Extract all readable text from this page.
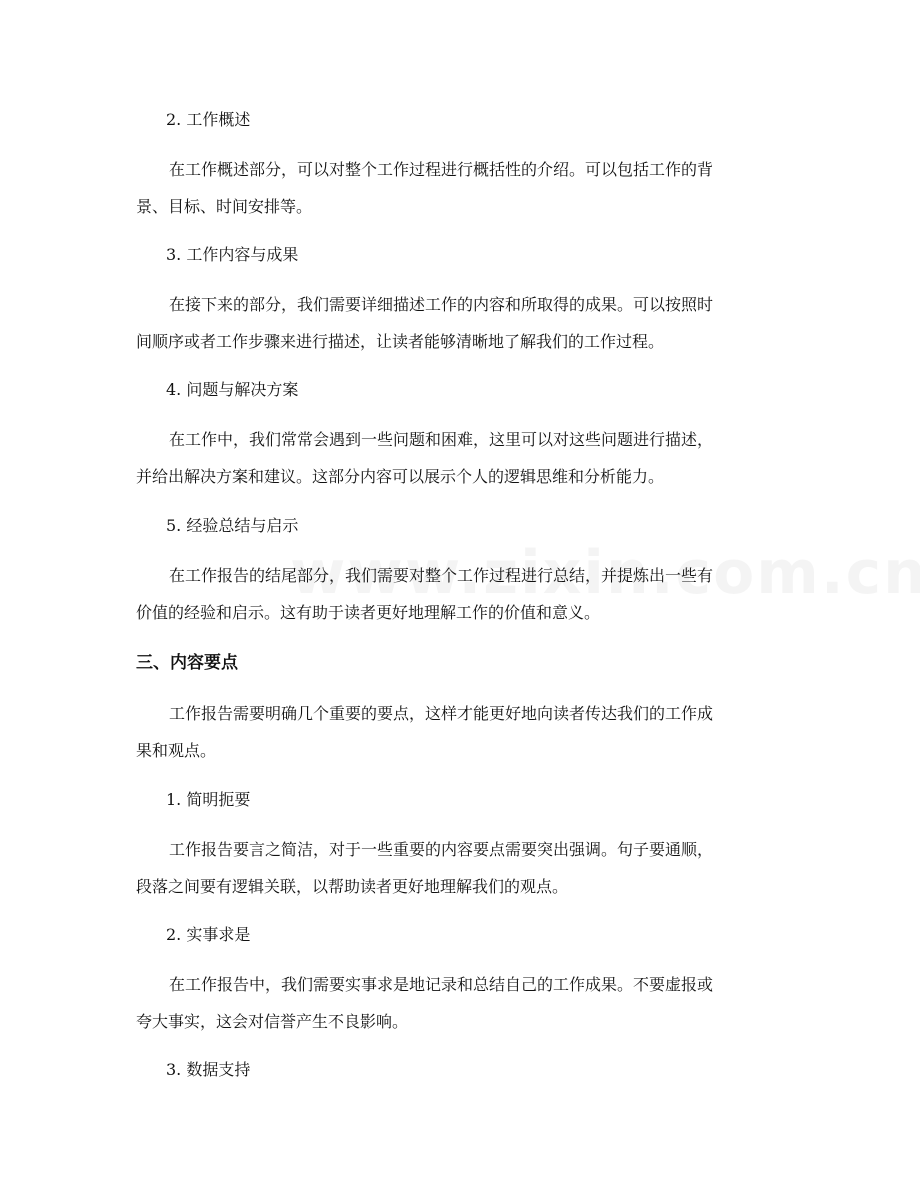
2. 工作概述
在工作概述部分，可以对整个工作过程进行概括性的介绍。可以包括工作的背
景、目标、时间安排等。
3. 工作内容与成果
在接下来的部分，我们需要详细描述工作的内容和所取得的成果。可以按照时
间顺序或者工作步骤来进行描述，让读者能够清晰地了解我们的工作过程。
4. 问题与解决方案
在工作中，我们常常会遇到一些问题和困难，这里可以对这些问题进行描述，
并给出解决方案和建议。这部分内容可以展示个人的逻辑思维和分析能力。
5. 经验总结与启示
在工作报告的结尾部分，我们需要对整个工作过程进行总结，并提炼出一些有
价值的经验和启示。这有助于读者更好地理解工作的价值和意义。
三、内容要点
工作报告需要明确几个重要的要点，这样才能更好地向读者传达我们的工作成
果和观点。
1. 简明扼要
工作报告要言之简洁，对于一些重要的内容要点需要突出强调。句子要通顺，
段落之间要有逻辑关联，以帮助读者更好地理解我们的观点。
2. 实事求是
在工作报告中，我们需要实事求是地记录和总结自己的工作成果。不要虚报或
夸大事实，这会对信誉产生不良影响。
3. 数据支持
